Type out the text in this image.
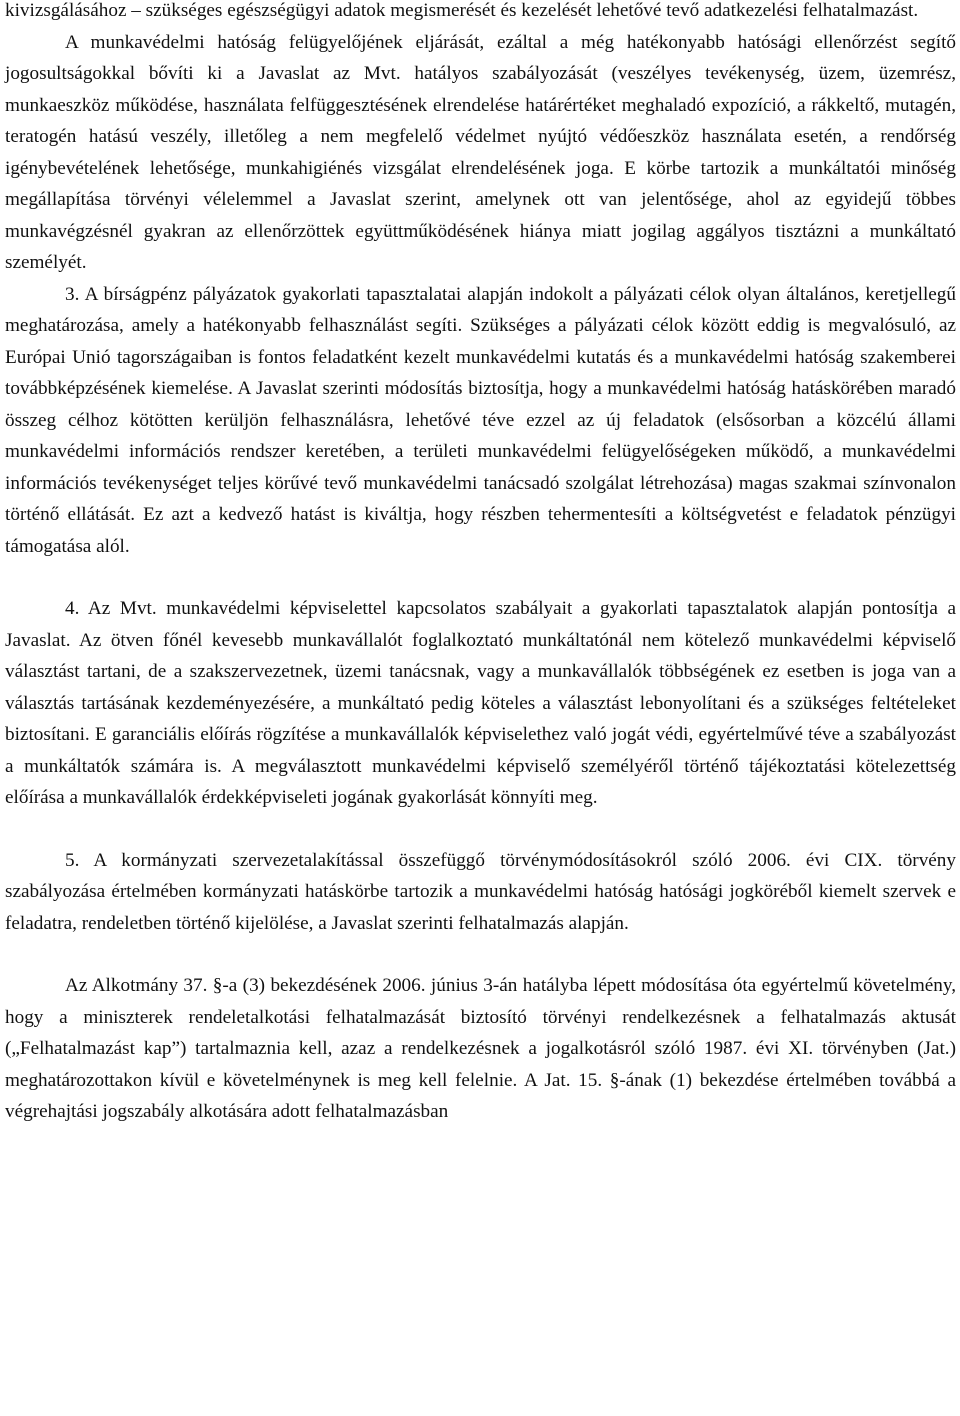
kivizsgálásához – szükséges egészségügyi adatok megismerését és kezelését lehetővé tevő adatkezelési felhatalmazást.

A munkavédelmi hatóság felügyelőjének eljárását, ezáltal a még hatékonyabb hatósági ellenőrzést segítő jogosultságokkal bővíti ki a Javaslat az Mvt. hatályos szabályozását (veszélyes tevékenység, üzem, üzemrész, munkaeszköz működése, használata felfüggesztésének elrendelése határértéket meghaladó expozíció, a rákkeltő, mutagén, teratogén hatású veszély, illetőleg a nem megfelelő védelmet nyújtó védőeszköz használata esetén, a rendőrség igénybevételének lehetősége, munkahigiénés vizsgálat elrendelésének joga. E körbe tartozik a munkáltatói minőség megállapítása törvényi vélelemmel a Javaslat szerint, amelynek ott van jelentősége, ahol az egyidejű többes munkavégzésnél gyakran az ellenőrzöttek együttműködésének hiánya miatt jogilag aggályos tisztázni a munkáltató személyét.

3. A bírságpénz pályázatok gyakorlati tapasztalatai alapján indokolt a pályázati célok olyan általános, keretjellegű meghatározása, amely a hatékonyabb felhasználást segíti. Szükséges a pályázati célok között eddig is megvalósuló, az Európai Unió tagországaiban is fontos feladatként kezelt munkavédelmi kutatás és a munkavédelmi hatóság szakemberei továbbképzésének kiemelése. A Javaslat szerinti módosítás biztosítja, hogy a munkavédelmi hatóság hatáskörében maradó összeg célhoz kötötten kerüljön felhasználásra, lehetővé téve ezzel az új feladatok (elsősorban a közcélú állami munkavédelmi információs rendszer keretében, a területi munkavédelmi felügyelőségeken működő, a munkavédelmi információs tevékenységet teljes körűvé tevő munkavédelmi tanácsadó szolgálat létrehozása) magas szakmai színvonalon történő ellátását. Ez azt a kedvező hatást is kiváltja, hogy részben tehermentesíti a költségvetést e feladatok pénzügyi támogatása alól.

4. Az Mvt. munkavédelmi képviselettel kapcsolatos szabályait a gyakorlati tapasztalatok alapján pontosítja a Javaslat. Az ötven főnél kevesebb munkavállalót foglalkoztató munkáltatónál nem kötelező munkavédelmi képviselő választást tartani, de a szakszervezetnek, üzemi tanácsnak, vagy a munkavállalók többségének ez esetben is joga van a választás tartásának kezdeményezésére, a munkáltató pedig köteles a választást lebonyolítani és a szükséges feltételeket biztosítani. E garanciális előírás rögzítése a munkavállalók képviselethez való jogát védi, egyértelművé téve a szabályozást a munkáltatók számára is. A megválasztott munkavédelmi képviselő személyéről történő tájékoztatási kötelezettség előírása a munkavállalók érdekképviseleti jogának gyakorlását könnyíti meg.

5. A kormányzati szervezetalakítással összefüggő törvénymódosításokról szóló 2006. évi CIX. törvény szabályozása értelmében kormányzati hatáskörbe tartozik a munkavédelmi hatóság hatósági jogköréből kiemelt szervek e feladatra, rendeletben történő kijelölése, a Javaslat szerinti felhatalmazás alapján.

Az Alkotmány 37. §-a (3) bekezdésének 2006. június 3-án hatályba lépett módosítása óta egyértelmű követelmény, hogy a miniszterek rendeletalkotási felhatalmazását biztosító törvényi rendelkezésnek a felhatalmazás aktusát („Felhatalmazást kap”) tartalmaznia kell, azaz a rendelkezésnek a jogalkotásról szóló 1987. évi XI. törvényben (Jat.) meghatározottakon kívül e követelménynek is meg kell felelnie. A Jat. 15. §-ának (1) bekezdése értelmében továbbá a végrehajtási jogszabály alkotására adott felhatalmazásban
